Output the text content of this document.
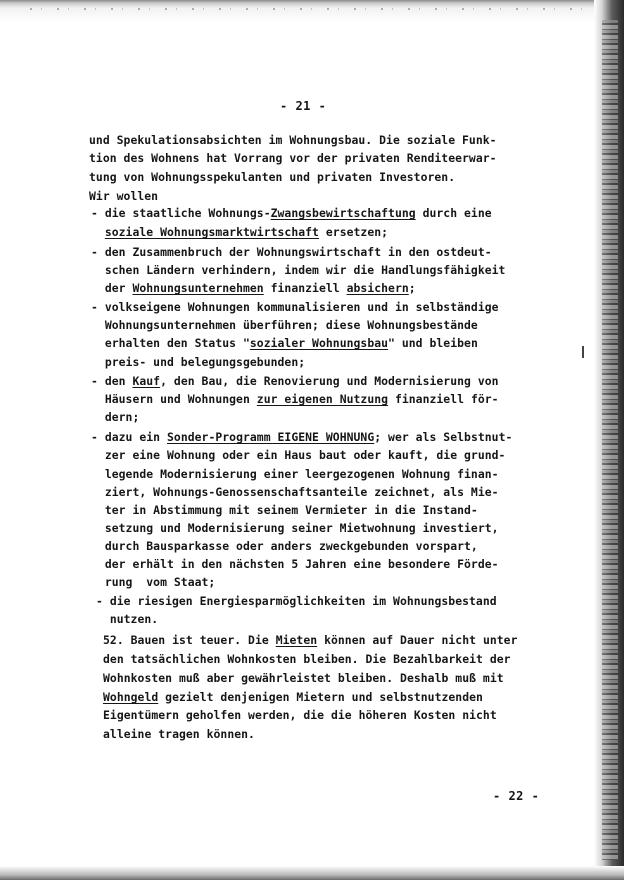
- 21 -
und Spekulationsabsichten im Wohnungsbau. Die soziale Funk-
tion des Wohnens hat Vorrang vor der privaten Renditeerwar-
tung von Wohnungsspekulanten und privaten Investoren.
Wir wollen
- die staatliche Wohnungs-Zwangsbewirtschaftung durch eine
soziale Wohnungsmarktwirtschaft ersetzen;
- den Zusammenbruch der Wohnungswirtschaft in den ostdeut-
schen Ländern verhindern, indem wir die Handlungsfähigkeit
der Wohnungsunternehmen finanziell absichern;
- volkseigene Wohnungen kommunalisieren und in selbständige
Wohnungsunternehmen überführen; diese Wohnungsbestände
erhalten den Status "sozialer Wohnungsbau" und bleiben
preis- und belegungsgebunden;
- den Kauf, den Bau, die Renovierung und Modernisierung von
Häusern und Wohnungen zur eigenen Nutzung finanziell för-
dern;
- dazu ein Sonder-Programm EIGENE WOHNUNG; wer als Selbstnut-
zer eine Wohnung oder ein Haus baut oder kauft, die grund-
legende Modernisierung einer leergezogenen Wohnung finan-
ziert, Wohnungs-Genossenschaftsanteile zeichnet, als Mie-
ter in Abstimmung mit seinem Vermieter in die Instand-
setzung und Modernisierung seiner Mietwohnung investiert,
durch Bausparkasse oder anders zweckgebunden vorspart,
der erhält in den nächsten 5 Jahren eine besondere Förde-
rung  vom Staat;
- die riesigen Energiesparmöglichkeiten im Wohnungsbestand
nutzen.
52. Bauen ist teuer. Die Mieten können auf Dauer nicht unter
den tatsächlichen Wohnkosten bleiben. Die Bezahlbarkeit der
Wohnkosten muß aber gewährleistet bleiben. Deshalb muß mit
Wohngeld gezielt denjenigen Mietern und selbstnutzenden
Eigentümern geholfen werden, die die höheren Kosten nicht
alleine tragen können.
- 22 -
